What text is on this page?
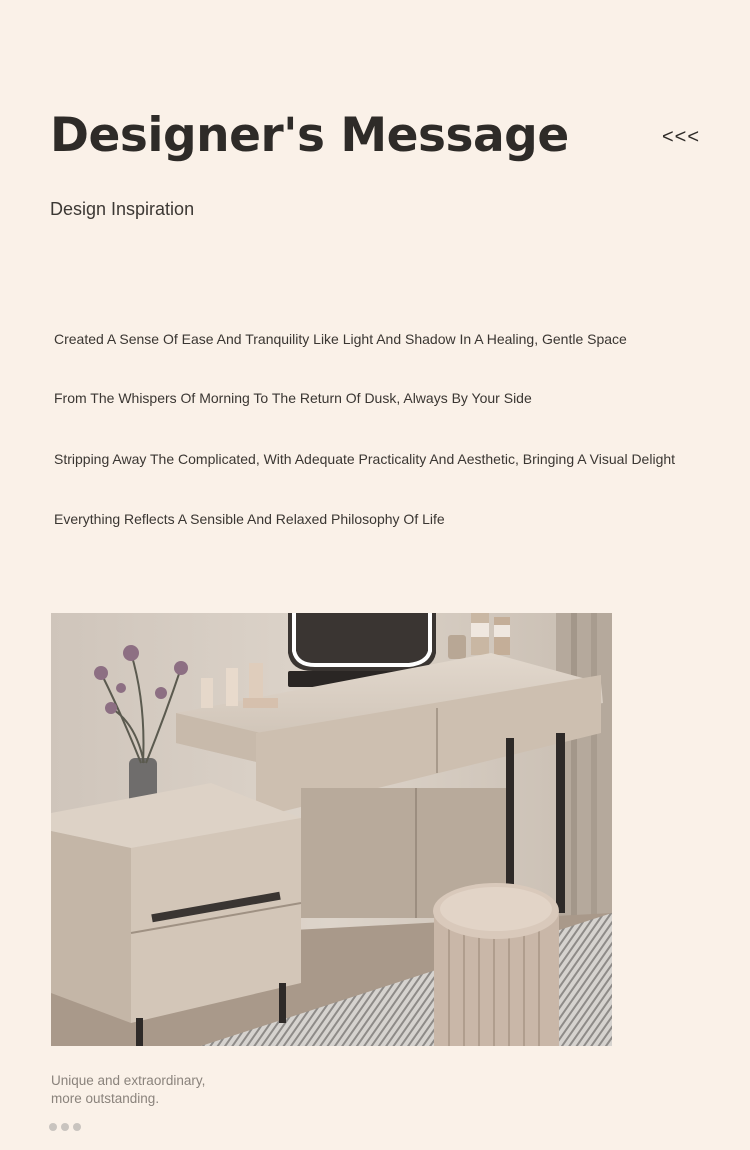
Designer's Message	<<<
Design Inspiration
Created A Sense Of Ease And Tranquility Like Light And Shadow In A Healing, Gentle Space
From The Whispers Of Morning To The Return Of Dusk, Always By Your Side
Stripping Away The Complicated, With Adequate Practicality And Aesthetic, Bringing A Visual Delight
Everything Reflects A Sensible And Relaxed Philosophy Of Life
Unique and extraordinary,
more outstanding.
